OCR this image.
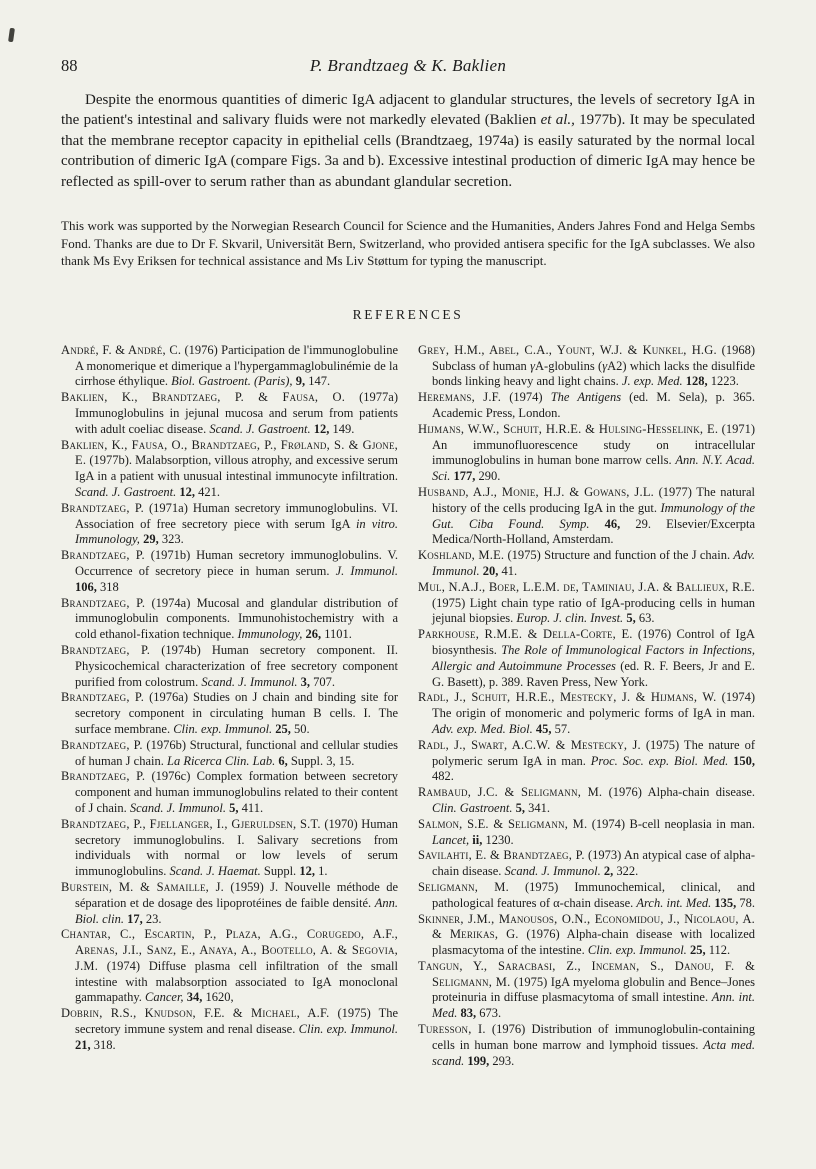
88	P. Brandtzaeg & K. Baklien

Despite the enormous quantities of dimeric IgA adjacent to glandular structures, the levels of secretory IgA in the patient's intestinal and salivary fluids were not markedly elevated (Baklien et al., 1977b). It may be speculated that the membrane receptor capacity in epithelial cells (Brandtzaeg, 1974a) is easily saturated by the normal local contribution of dimeric IgA (compare Figs. 3a and b). Excessive intestinal production of dimeric IgA may hence be reflected as spill-over to serum rather than as abundant glandular secretion.

This work was supported by the Norwegian Research Council for Science and the Humanities, Anders Jahres Fond and Helga Sembs Fond. Thanks are due to Dr F. Skvaril, Universität Bern, Switzerland, who provided antisera specific for the IgA subclasses. We also thank Ms Evy Eriksen for technical assistance and Ms Liv Støttum for typing the manuscript.

REFERENCES

André, F. & André, C. (1976) Participation de l'immunoglobuline A monomerique et dimerique a l'hypergammaglobulinémie de la cirrhose éthylique. Biol. Gastroent. (Paris), 9, 147.

Baklien, K., Brandtzaeg, P. & Fausa, O. (1977a) Immunoglobulins in jejunal mucosa and serum from patients with adult coeliac disease. Scand. J. Gastroent. 12, 149.

Baklien, K., Fausa, O., Brandtzaeg, P., Frøland, S. & Gjone, E. (1977b). Malabsorption, villous atrophy, and excessive serum IgA in a patient with unusual intestinal immunocyte infiltration. Scand. J. Gastroent. 12, 421.

Brandtzaeg, P. (1971a) Human secretory immunoglobulins. VI. Association of free secretory piece with serum IgA in vitro. Immunology, 29, 323.

Brandtzaeg, P. (1971b) Human secretory immunoglobulins. V. Occurrence of secretory piece in human serum. J. Immunol. 106, 318

Brandtzaeg, P. (1974a) Mucosal and glandular distribution of immunoglobulin components. Immunohistochemistry with a cold ethanol-fixation technique. Immunology, 26, 1101.

Brandtzaeg, P. (1974b) Human secretory component. II. Physicochemical characterization of free secretory component purified from colostrum. Scand. J. Immunol. 3, 707.

Brandtzaeg, P. (1976a) Studies on J chain and binding site for secretory component in circulating human B cells. I. The surface membrane. Clin. exp. Immunol. 25, 50.

Brandtzaeg, P. (1976b) Structural, functional and cellular studies of human J chain. La Ricerca Clin. Lab. 6, Suppl. 3, 15.

Brandtzaeg, P. (1976c) Complex formation between secretory component and human immunoglobulins related to their content of J chain. Scand. J. Immunol. 5, 411.

Brandtzaeg, P., Fjellanger, I., Gjeruldsen, S.T. (1970) Human secretory immunoglobulins. I. Salivary secretions from individuals with normal or low levels of serum immunoglobulins. Scand. J. Haemat. Suppl. 12, 1.

Burstein, M. & Samaille, J. (1959) J. Nouvelle méthode de séparation et de dosage des lipoprotéines de faible densité. Ann. Biol. clin. 17, 23.

Chantar, C., Escartin, P., Plaza, A.G., Corugedo, A.F., Arenas, J.I., Sanz, E., Anaya, A., Bootello, A. & Segovia, J.M. (1974) Diffuse plasma cell infiltration of the small intestine with malabsorption associated to IgA monoclonal gammapathy. Cancer, 34, 1620,

Dobrin, R.S., Knudson, F.E. & Michael, A.F. (1975) The secretory immune system and renal disease. Clin. exp. Immunol. 21, 318.

Grey, H.M., Abel, C.A., Yount, W.J. & Kunkel, H.G. (1968) Subclass of human γA-globulins (γA2) which lacks the disulfide bonds linking heavy and light chains. J. exp. Med. 128, 1223.

Heremans, J.F. (1974) The Antigens (ed. M. Sela), p. 365. Academic Press, London.

Hijmans, W.W., Schuit, H.R.E. & Hulsing-Hesselink, E. (1971) An immunofluorescence study on intracellular immunoglobulins in human bone marrow cells. Ann. N.Y. Acad. Sci. 177, 290.

Husband, A.J., Monie, H.J. & Gowans, J.L. (1977) The natural history of the cells producing IgA in the gut. Immunology of the Gut. Ciba Found. Symp. 46, 29. Elsevier/Excerpta Medica/North-Holland, Amsterdam.

Koshland, M.E. (1975) Structure and function of the J chain. Adv. Immunol. 20, 41.

Mul, N.A.J., Boer, L.E.M. de, Taminiau, J.A. & Ballieux, R.E. (1975) Light chain type ratio of IgA-producing cells in human jejunal biopsies. Europ. J. clin. Invest. 5, 63.

Parkhouse, R.M.E. & Della-Corte, E. (1976) Control of IgA biosynthesis. The Role of Immunological Factors in Infections, Allergic and Autoimmune Processes (ed. R. F. Beers, Jr and E. G. Basett), p. 389. Raven Press, New York.

Radl, J., Schuit, H.R.E., Mestecky, J. & Hijmans, W. (1974) The origin of monomeric and polymeric forms of IgA in man. Adv. exp. Med. Biol. 45, 57.

Radl, J., Swart, A.C.W. & Mestecky, J. (1975) The nature of polymeric serum IgA in man. Proc. Soc. exp. Biol. Med. 150, 482.

Rambaud, J.C. & Seligmann, M. (1976) Alpha-chain disease. Clin. Gastroent. 5, 341.

Salmon, S.E. & Seligmann, M. (1974) B-cell neoplasia in man. Lancet, ii, 1230.

Savilahti, E. & Brandtzaeg, P. (1973) An atypical case of alpha-chain disease. Scand. J. Immunol. 2, 322.

Seligmann, M. (1975) Immunochemical, clinical, and pathological features of α-chain disease. Arch. int. Med. 135, 78.

Skinner, J.M., Manousos, O.N., Economidou, J., Nicolaou, A. & Merikas, G. (1976) Alpha-chain disease with localized plasmacytoma of the intestine. Clin. exp. Immunol. 25, 112.

Tangun, Y., Saracbasi, Z., Inceman, S., Danou, F. & Seligmann, M. (1975) IgA myeloma globulin and Bence–Jones proteinuria in diffuse plasmacytoma of small intestine. Ann. int. Med. 83, 673.

Turesson, I. (1976) Distribution of immunoglobulin-containing cells in human bone marrow and lymphoid tissues. Acta med. scand. 199, 293.
